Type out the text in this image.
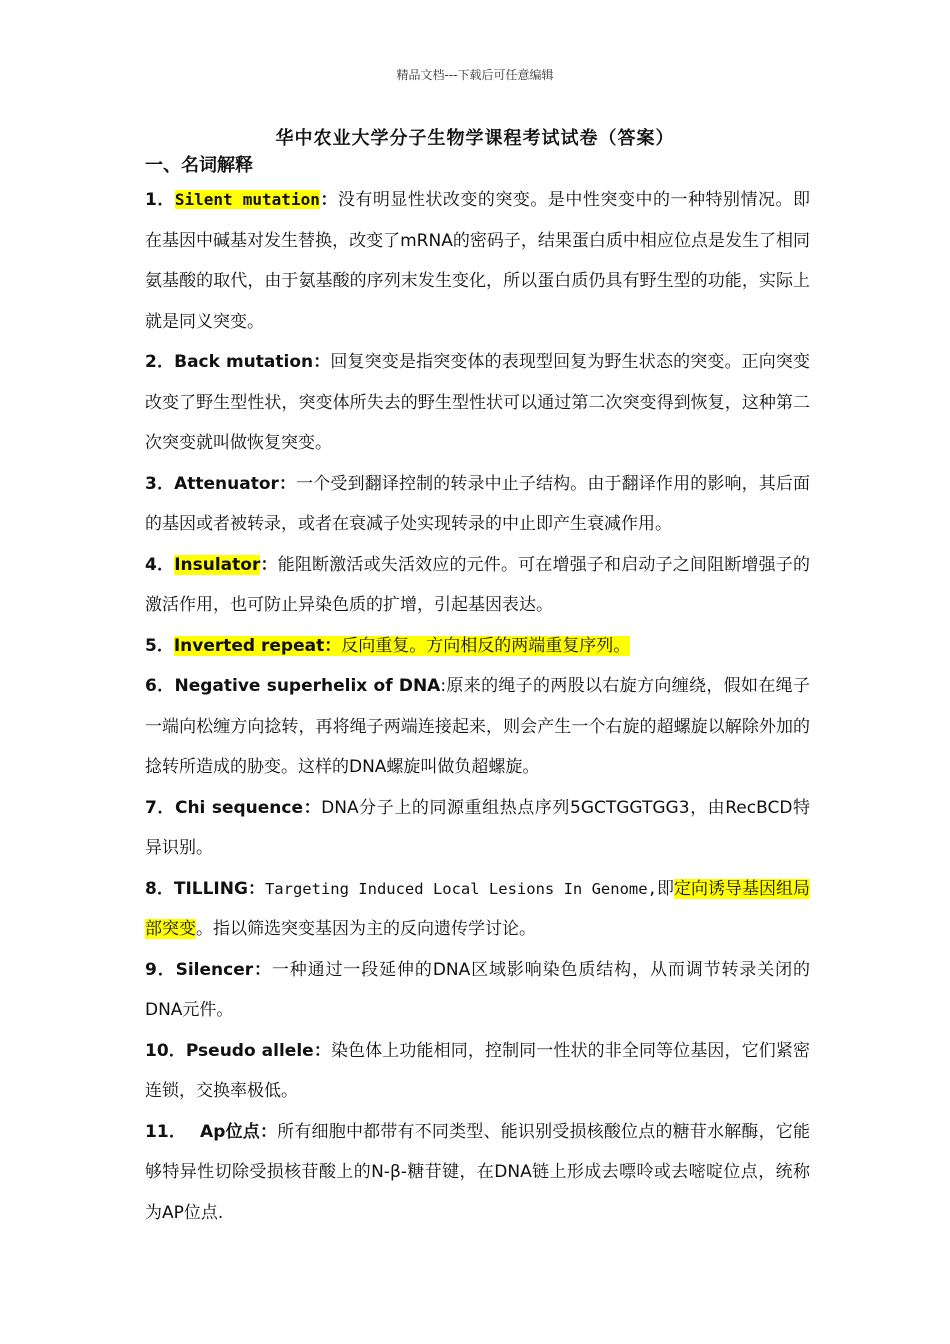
精品文档---下载后可任意编辑
华中农业大学分子生物学课程考试试卷（答案）
一、名词解释

1．Silent mutation：没有明显性状改变的突变。是中性突变中的一种特别情况。即在基因中碱基对发生替换，改变了mRNA的密码子，结果蛋白质中相应位点是发生了相同氨基酸的取代，由于氨基酸的序列末发生变化，所以蛋白质仍具有野生型的功能，实际上就是同义突变。

2．Back mutation：回复突变是指突变体的表现型回复为野生状态的突变。正向突变改变了野生型性状，突变体所失去的野生型性状可以通过第二次突变得到恢复，这种第二次突变就叫做恢复突变。

3．Attenuator：一个受到翻译控制的转录中止子结构。由于翻译作用的影响，其后面的基因或者被转录，或者在衰减子处实现转录的中止即产生衰减作用。

4．Insulator：能阻断激活或失活效应的元件。可在增强子和启动子之间阻断增强子的激活作用，也可防止异染色质的扩增，引起基因表达。

5．Inverted repeat：反向重复。方向相反的两端重复序列。

6．Negative superhelix of DNA:原来的绳子的两股以右旋方向缠绕，假如在绳子一端向松缠方向捻转，再将绳子两端连接起来，则会产生一个右旋的超螺旋以解除外加的捻转所造成的胁变。这样的DNA螺旋叫做负超螺旋。

7．Chi sequence：DNA分子上的同源重组热点序列5GCTGGTGG3，由RecBCD特异识别。

8．TILLING：Targeting Induced Local Lesions In Genome,即定向诱导基因组局部突变。指以筛选突变基因为主的反向遗传学讨论。

9．Silencer：一种通过一段延伸的DNA区域影响染色质结构，从而调节转录关闭的DNA元件。

10．Pseudo allele：染色体上功能相同，控制同一性状的非全同等位基因，它们紧密连锁，交换率极低。

11． Ap位点：所有细胞中都带有不同类型、能识别受损核酸位点的糖苷水解酶，它能够特异性切除受损核苷酸上的N-β-糖苷键，在DNA链上形成去嘌呤或去嘧啶位点，统称为AP位点.
